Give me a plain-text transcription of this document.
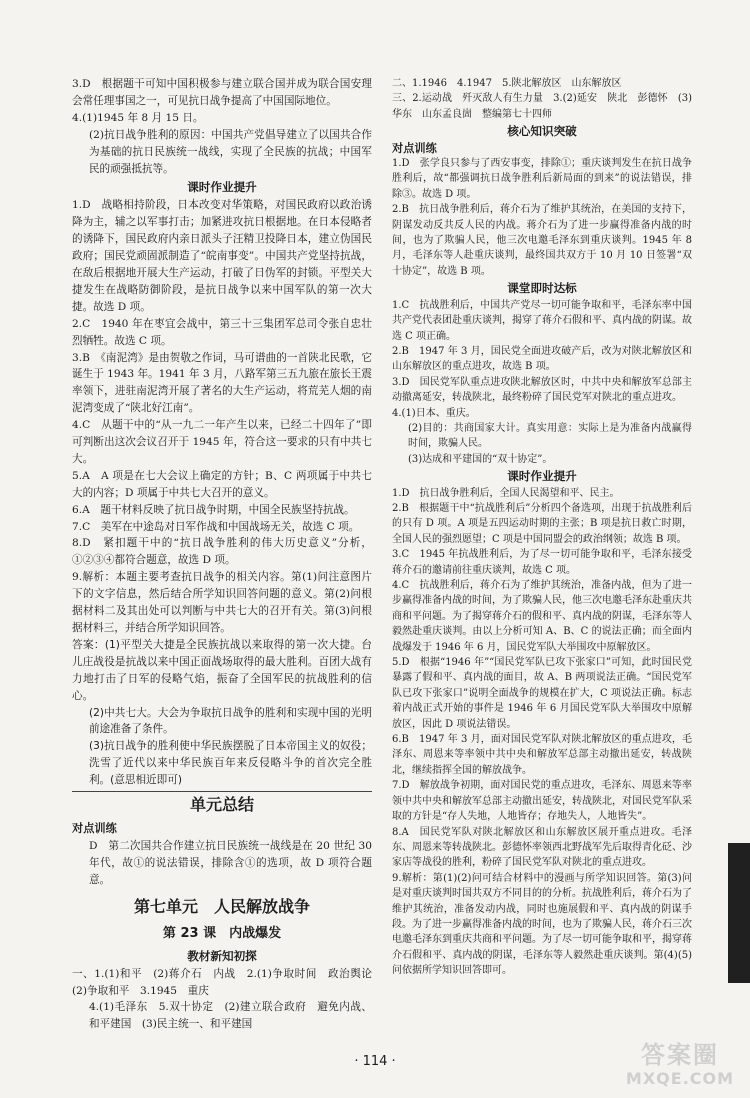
3.D　根据题干可知中国积极参与建立联合国并成为联合国安理会常任理事国之一，可见抗日战争提高了中国国际地位。

4.(1)1945 年 8 月 15 日。

(2)抗日战争胜利的原因：中国共产党倡导建立了以国共合作为基础的抗日民族统一战线，实现了全民族的抗战；中国军民的顽强抵抗等。

课时作业提升

1.D　战略相持阶段，日本改变对华策略，对国民政府以政治诱降为主，辅之以军事打击；加紧进攻抗日根据地。在日本侵略者的诱降下，国民政府内亲日派头子汪精卫投降日本，建立伪国民政府；国民党顽固派制造了“皖南事变”。中国共产党坚持抗战，在敌后根据地开展大生产运动，打破了日伪军的封锁。平型关大捷发生在战略防御阶段，是抗日战争以来中国军队的第一次大捷。故选 D 项。

2.C　1940 年在枣宜会战中，第三十三集团军总司令张自忠壮烈牺牲。故选 C 项。

3.B　《南泥湾》是由贺敬之作词，马可谱曲的一首陕北民歌，它诞生于 1943 年。1941 年 3 月，八路军第三五九旅在旅长王震率领下，进驻南泥湾开展了著名的大生产运动，将荒芜人烟的南泥湾变成了“陕北好江南”。

4.C　从题干中的“从一九二一年产生以来，已经二十四年了”即可判断出这次会议召开于 1945 年，符合这一要求的只有中共七大。

5.A　A 项是在七大会议上确定的方针；B、C 两项属于中共七大的内容；D 项属于中共七大召开的意义。

6.A　题干材料反映了抗日战争时期，中国全民族坚持抗战。

7.C　美军在中途岛对日军作战和中国战场无关，故选 C 项。

8.D　紧扣题干中的“抗日战争胜利的伟大历史意义”分析，①②③④都符合题意，故选 D 项。

9.解析：本题主要考查抗日战争的相关内容。第(1)问注意图片下的文字信息，然后结合所学知识回答问题的意义。第(2)问根据材料二及其出处可以判断与中共七大的召开有关。第(3)问根据材料三，并结合所学知识回答。

答案：(1)平型关大捷是全民族抗战以来取得的第一次大捷。台儿庄战役是抗战以来中国正面战场取得的最大胜利。百团大战有力地打击了日军的侵略气焰，振奋了全国军民的抗战胜利的信心。

(2)中共七大。大会为争取抗日战争的胜利和实现中国的光明前途准备了条件。

(3)抗日战争的胜利使中华民族摆脱了日本帝国主义的奴役；洗雪了近代以来中华民族百年来反侵略斗争的首次完全胜利。(意思相近即可)

单元总结
对点训练

D　第二次国共合作建立抗日民族统一战线是在 20 世纪 30 年代，故①的说法错误，排除含①的选项，故 D 项符合题意。

第七单元　人民解放战争
第 23 课　内战爆发
教材新知初探

一、1.(1)和平　(2)蒋介石　内战　2.(1)争取时间　政治舆论　(2)争取和平　3.1945　重庆

4.(1)毛泽东　5.双十协定　(2)建立联合政府　避免内战、和平建国　(3)民主统一、和平建国

二、1.1946　4.1947　5.陕北解放区　山东解放区

三、2.运动战　歼灭敌人有生力量　3.(2)延安　陕北　彭德怀　(3)华东　山东孟良崮　整编第七十四师

核心知识突破
对点训练

1.D　张学良只参与了西安事变，排除①；重庆谈判发生在抗日战争胜利后，故“都强调抗日战争胜利后新局面的到来”的说法错误，排除③。故选 D 项。

2.B　抗日战争胜利后，蒋介石为了维护其统治，在美国的支持下，阴谋发动反共反人民的内战。蒋介石为了进一步赢得准备内战的时间，也为了欺骗人民，他三次电邀毛泽东到重庆谈判。1945 年 8 月，毛泽东等人赴重庆谈判，最终国共双方于 10 月 10 日签署“双十协定”，故选 B 项。

课堂即时达标

1.C　抗战胜利后，中国共产党尽一切可能争取和平，毛泽东率中国共产党代表团赴重庆谈判，揭穿了蒋介石假和平、真内战的阴谋。故选 C 项正确。

2.B　1947 年 3 月，国民党全面进攻破产后，改为对陕北解放区和山东解放区的重点进攻，故选 B 项。

3.D　国民党军队重点进攻陕北解放区时，中共中央和解放军总部主动撤离延安，转战陕北，最终粉碎了国民党军对陕北的重点进攻。

4.(1)日本、重庆。

(2)目的：共商国家大计。真实用意：实际上是为准备内战赢得时间，欺骗人民。

(3)达成和平建国的“双十协定”。

课时作业提升

1.D　抗日战争胜利后，全国人民渴望和平、民主。

2.B　根据题干中“抗战胜利后”分析四个备选项，出现于抗战胜利后的只有 D 项。A 项是五四运动时期的主张；B 项是抗日救亡时期，全国人民的强烈愿望；C 项是中国同盟会的政治纲领；故选 B 项。

3.C　1945 年抗战胜利后，为了尽一切可能争取和平，毛泽东接受蒋介石的邀请前往重庆谈判，故选 C 项。

4.C　抗战胜利后，蒋介石为了维护其统治，准备内战，但为了进一步赢得准备内战的时间，为了欺骗人民，他三次电邀毛泽东赴重庆共商和平问题。为了揭穿蒋介石的假和平、真内战的阴谋，毛泽东等人毅然赴重庆谈判。由以上分析可知 A、B、C 的说法正确；而全面内战爆发于 1946 年 6 月，国民党军队大举围攻中原解放区。

5.D　根据“1946 年”“国民党军队已攻下张家口”可知，此时国民党暴露了假和平、真内战的面目，故 A、B 两项说法正确。“国民党军队已攻下张家口”说明全面战争的规模在扩大，C 项说法正确。标志着内战正式开始的事件是 1946 年 6 月国民党军队大举围攻中原解放区，因此 D 项说法错误。

6.B　1947 年 3 月，面对国民党军队对陕北解放区的重点进攻，毛泽东、周恩来等率领中共中央和解放军总部主动撤出延安，转战陕北，继续指挥全国的解放战争。

7.D　解放战争初期，面对国民党的重点进攻，毛泽东、周恩来等率领中共中央和解放军总部主动撤出延安，转战陕北，对国民党军队采取的方针是“存人失地，人地皆存；存地失人，人地皆失”。

8.A　国民党军队对陕北解放区和山东解放区展开重点进攻。毛泽东、周恩来等转战陕北。彭德怀率领西北野战军先后取得青化砭、沙家店等战役的胜利，粉碎了国民党军队对陕北的重点进攻。

9.解析：第(1)(2)问可结合材料中的漫画与所学知识回答。第(3)问是对重庆谈判时国共双方不同目的的分析。抗战胜利后，蒋介石为了维护其统治，准备发动内战，同时也施展假和平、真内战的阴谋手段。为了进一步赢得准备内战的时间，也为了欺骗人民，蒋介石三次电邀毛泽东到重庆共商和平问题。为了尽一切可能争取和平，揭穿蒋介石假和平、真内战的阴谋，毛泽东等人毅然赴重庆谈判。第(4)(5)问依据所学知识回答即可。

· 114 ·	答案圈
MXQE.COM
